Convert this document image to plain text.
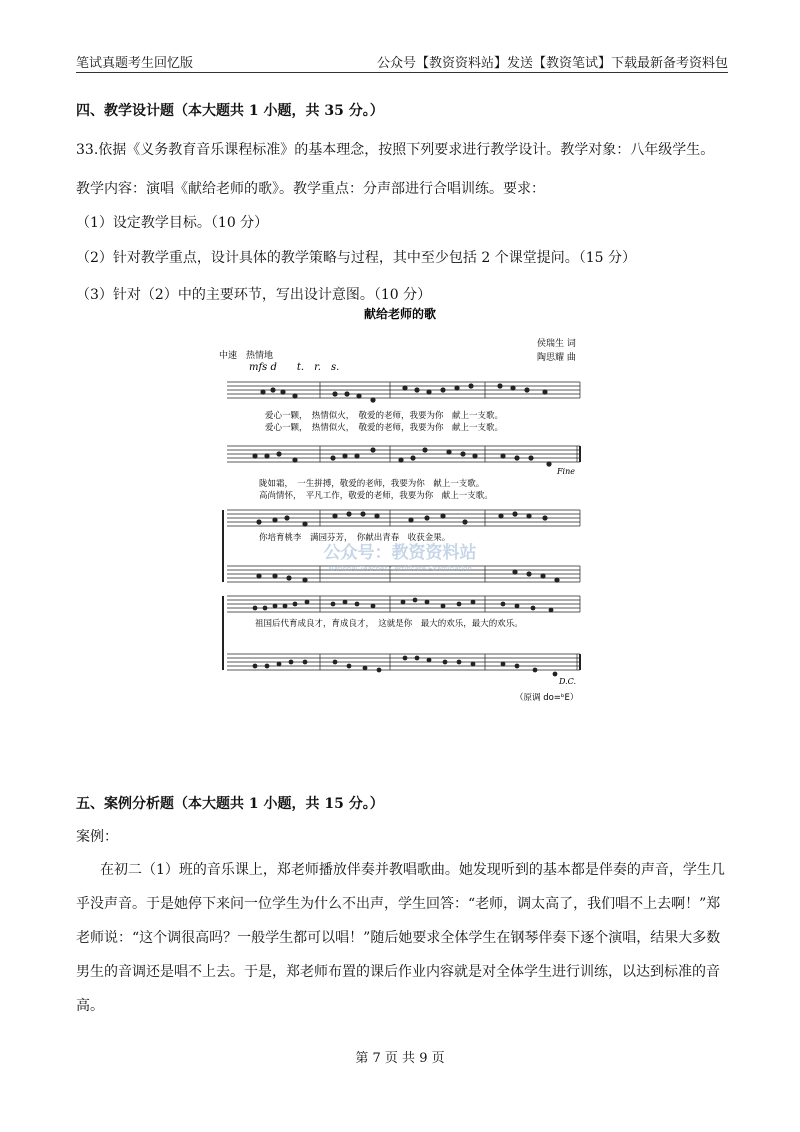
笔试真题考生回忆版	公众号【教资资料站】发送【教资笔试】下载最新备考资料包
四、教学设计题（本大题共 1 小题，共 35 分。）
33.依据《义务教育音乐课程标准》的基本理念，按照下列要求进行教学设计。教学对象：八年级学生。
教学内容：演唱《献给老师的歌》。教学重点：分声部进行合唱训练。要求：
（1）设定教学目标。（10 分）
（2）针对教学重点，设计具体的教学策略与过程，其中至少包括 2 个课堂提问。（15 分）
（3）针对（2）中的主要环节，写出设计意图。（10 分）
献给老师的歌
侯瑞生 词
陶思耀 曲
中速　热情地
mfs d　　t.　r.　s.
爱心一颗，　热情似火，　敬爱的老师，我要为你　献上一支歌。
爱心一颗，　热情似火，　敬爱的老师，我要为你　献上一支歌。
Fine
陇如霜，　一生拼搏，敬爱的老师，我要为你　献上一支歌。
高尚情怀，　平凡工作，敬爱的老师，我要为你　献上一支歌。
你培育桃李　满园芬芳，　你献出青春　收获金果。
公众号：教资资料站
National Teacher Certificate Examination
祖国后代育成良才，育成良才，　这就是你　最大的欢乐，最大的欢乐。
D.C.
（原调 do=ᵇE）
五、案例分析题（本大题共 1 小题，共 15 分。）
案例：
在初二（1）班的音乐课上，郑老师播放伴奏并教唱歌曲。她发现听到的基本都是伴奏的声音，学生几
乎没声音。于是她停下来问一位学生为什么不出声，学生回答：“老师，调太高了，我们唱不上去啊！”郑
老师说：“这个调很高吗？一般学生都可以唱！”随后她要求全体学生在钢琴伴奏下逐个演唱，结果大多数
男生的音调还是唱不上去。于是，郑老师布置的课后作业内容就是对全体学生进行训练，以达到标准的音
高。
第 7 页 共 9 页
